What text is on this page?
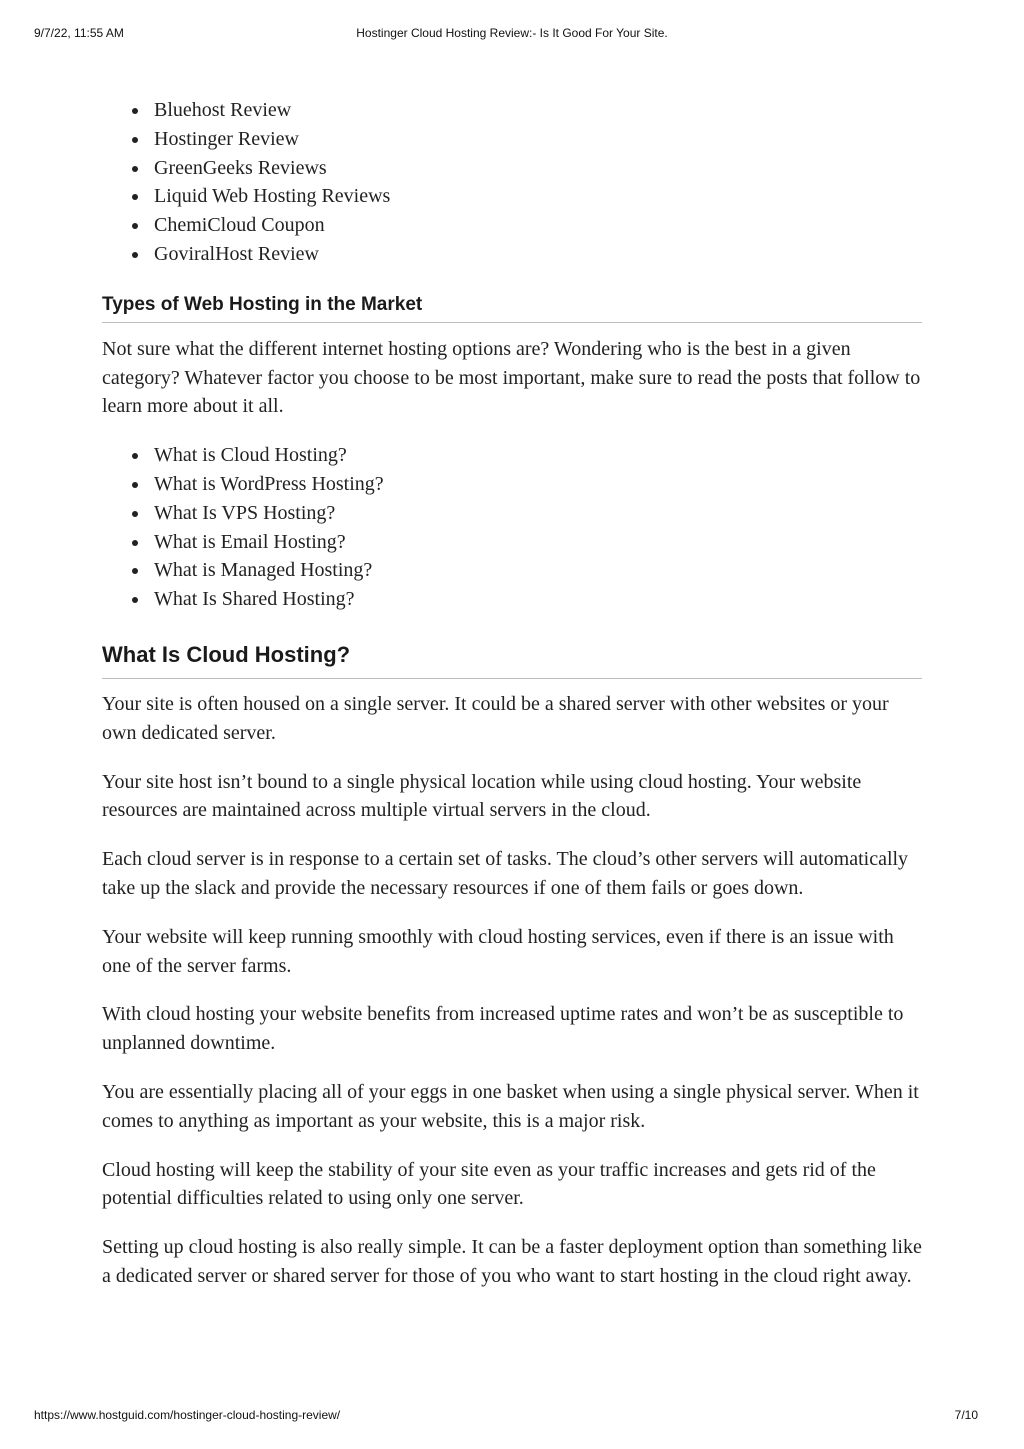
9/7/22, 11:55 AM	Hostinger Cloud Hosting Review:- Is It Good For Your Site.
Bluehost Review
Hostinger Review
GreenGeeks Reviews
Liquid Web Hosting Reviews
ChemiCloud Coupon
GoviralHost Review
Types of Web Hosting in the Market

Not sure what the different internet hosting options are? Wondering who is the best in a given category? Whatever factor you choose to be most important, make sure to read the posts that follow to learn more about it all.

What is Cloud Hosting?
What is WordPress Hosting?
What Is VPS Hosting?
What is Email Hosting?
What is Managed Hosting?
What Is Shared Hosting?
What Is Cloud Hosting?

Your site is often housed on a single server. It could be a shared server with other websites or your own dedicated server.

Your site host isn’t bound to a single physical location while using cloud hosting. Your website resources are maintained across multiple virtual servers in the cloud.

Each cloud server is in response to a certain set of tasks. The cloud’s other servers will automatically take up the slack and provide the necessary resources if one of them fails or goes down.

Your website will keep running smoothly with cloud hosting services, even if there is an issue with one of the server farms.

With cloud hosting your website benefits from increased uptime rates and won’t be as susceptible to unplanned downtime.

You are essentially placing all of your eggs in one basket when using a single physical server. When it comes to anything as important as your website, this is a major risk.

Cloud hosting will keep the stability of your site even as your traffic increases and gets rid of the potential difficulties related to using only one server.

Setting up cloud hosting is also really simple. It can be a faster deployment option than something like a dedicated server or shared server for those of you who want to start hosting in the cloud right away.

https://www.hostguid.com/hostinger-cloud-hosting-review/	7/10
